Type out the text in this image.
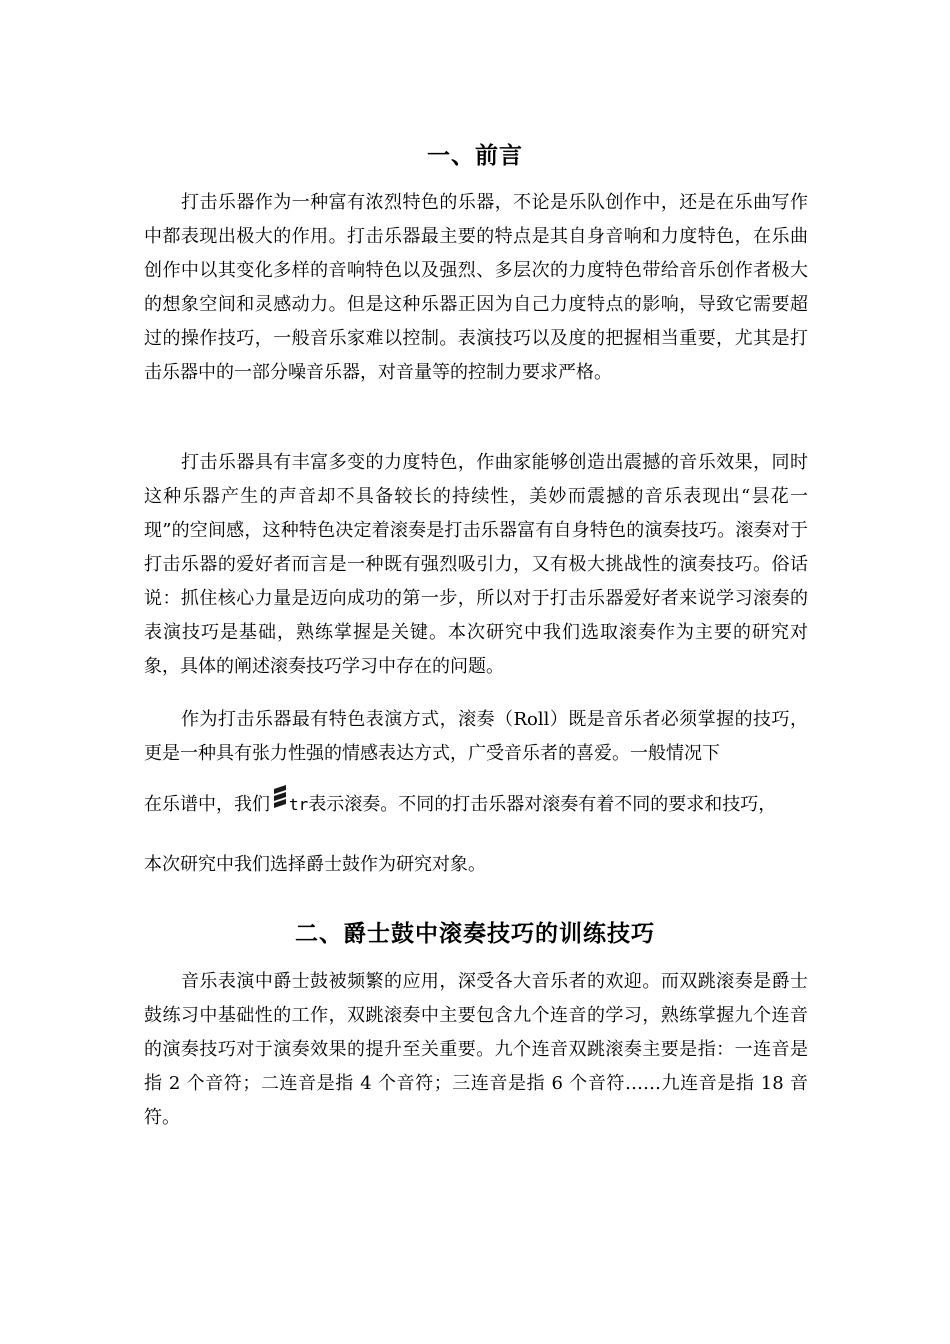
一、前言
打击乐器作为一种富有浓烈特色的乐器，不论是乐队创作中，还是在乐曲写作中都表现出极大的作用。打击乐器最主要的特点是其自身音响和力度特色，在乐曲创作中以其变化多样的音响特色以及强烈、多层次的力度特色带给音乐创作者极大的想象空间和灵感动力。但是这种乐器正因为自己力度特点的影响，导致它需要超过的操作技巧，一般音乐家难以控制。表演技巧以及度的把握相当重要，尤其是打击乐器中的一部分噪音乐器，对音量等的控制力要求严格。
打击乐器具有丰富多变的力度特色，作曲家能够创造出震撼的音乐效果，同时这种乐器产生的声音却不具备较长的持续性，美妙而震撼的音乐表现出“昙花一现”的空间感，这种特色决定着滚奏是打击乐器富有自身特色的演奏技巧。滚奏对于打击乐器的爱好者而言是一种既有强烈吸引力，又有极大挑战性的演奏技巧。俗话说：抓住核心力量是迈向成功的第一步，所以对于打击乐器爱好者来说学习滚奏的表演技巧是基础，熟练掌握是关键。本次研究中我们选取滚奏作为主要的研究对象，具体的阐述滚奏技巧学习中存在的问题。
作为打击乐器最有特色表演方式，滚奏（Roll）既是音乐者必须掌握的技巧，更是一种具有张力性强的情感表达方式，广受音乐者的喜爱。一般情况下
在乐谱中，我们 tr表示滚奏。不同的打击乐器对滚奏有着不同的要求和技巧，
本次研究中我们选择爵士鼓作为研究对象。
二、爵士鼓中滚奏技巧的训练技巧
音乐表演中爵士鼓被频繁的应用，深受各大音乐者的欢迎。而双跳滚奏是爵士鼓练习中基础性的工作，双跳滚奏中主要包含九个连音的学习，熟练掌握九个连音的演奏技巧对于演奏效果的提升至关重要。九个连音双跳滚奏主要是指：一连音是指 2 个音符；二连音是指 4 个音符；三连音是指 6 个音符……九连音是指 18 音符。
